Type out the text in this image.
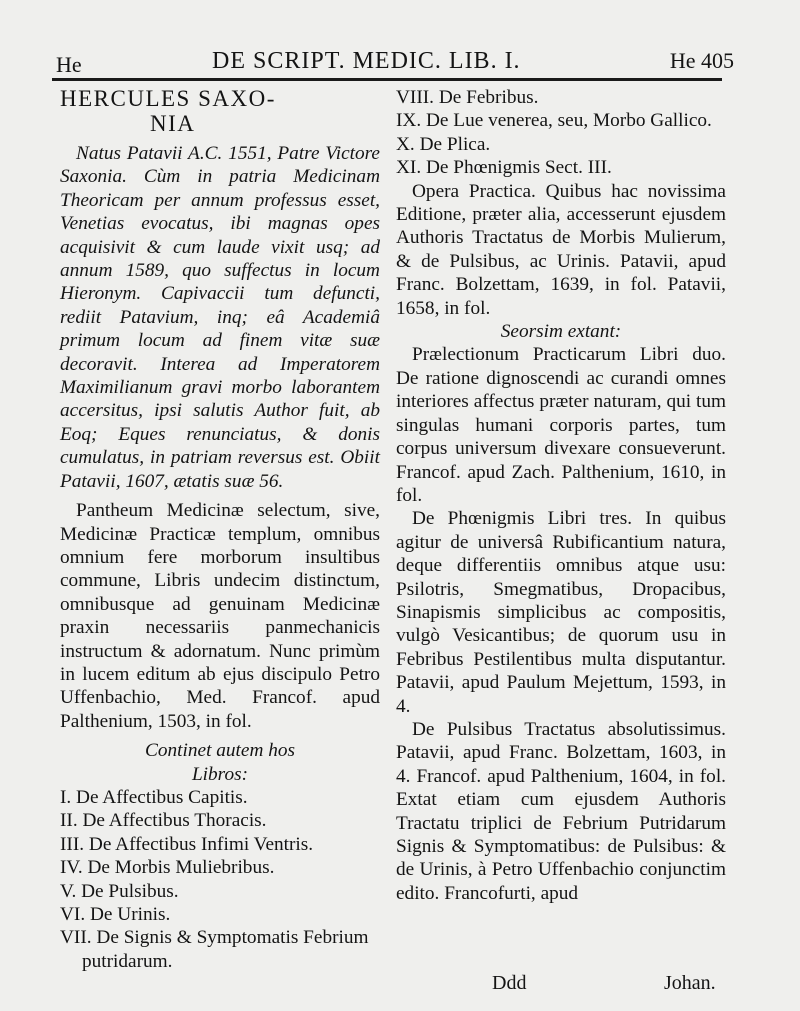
He	DE SCRIPT. MEDIC. LIB. I.	He 405
HERCULES SAXO-
NIA

Natus Patavii A.C. 1551, Patre Victore Saxonia. Cùm in patria Medicinam Theoricam per annum professus esset, Venetias evocatus, ibi magnas opes acquisivit & cum laude vixit usq; ad annum 1589, quo suffectus in locum Hieronym. Capivaccii tum defuncti, rediit Patavium, inq; eâ Academiâ primum locum ad finem vitæ suæ decoravit. Interea ad Imperatorem Maximilianum gravi morbo laborantem accersitus, ipsi salutis Author fuit, ab Eoq; Eques renunciatus, & donis cumulatus, in patriam reversus est. Obiit Patavii, 1607, ætatis suæ 56.

Pantheum Medicinæ selectum, sive, Medicinæ Practicæ templum, omnibus omnium fere morborum insultibus commune, Libris undecim distinctum, omnibusque ad genuinam Medicinæ praxin necessariis panmechanicis instructum & adornatum. Nunc primùm in lucem editum ab ejus discipulo Petro Uffenbachio, Med. Francof. apud Palthenium, 1503, in fol.

Continet autem hos

Libros:

I. De Affectibus Capitis.

II. De Affectibus Thoracis.

III. De Affectibus Infimi Ventris.

IV. De Morbis Muliebribus.

V. De Pulsibus.

VI. De Urinis.

VII. De Signis & Symptomatis Febrium putridarum.

VIII. De Febribus.

IX. De Lue venerea, seu, Morbo Gallico.

X. De Plica.

XI. De Phœnigmis Sect. III.

Opera Practica. Quibus hac novissima Editione, præter alia, accesserunt ejusdem Authoris Tractatus de Morbis Mulierum, & de Pulsibus, ac Urinis. Patavii, apud Franc. Bolzettam, 1639, in fol. Patavii, 1658, in fol.

Seorsim extant:

Prælectionum Practicarum Libri duo. De ratione dignoscendi ac curandi omnes interiores affectus præter naturam, qui tum singulas humani corporis partes, tum corpus universum divexare consueverunt. Francof. apud Zach. Palthenium, 1610, in fol.

De Phœnigmis Libri tres. In quibus agitur de universâ Rubificantium natura, deque differentiis omnibus atque usu: Psilotris, Smegmatibus, Dropacibus, Sinapismis simplicibus ac compositis, vulgò Vesicantibus; de quorum usu in Febribus Pestilentibus multa disputantur. Patavii, apud Paulum Mejettum, 1593, in 4.

De Pulsibus Tractatus absolutissimus. Patavii, apud Franc. Bolzettam, 1603, in 4. Francof. apud Palthenium, 1604, in fol. Extat etiam cum ejusdem Authoris Tractatu triplici de Febrium Putridarum Signis & Symptomatibus: de Pulsibus: & de Urinis, à Petro Uffenbachio conjunctim edito. Francofurti, apud

Ddd	Johan.
